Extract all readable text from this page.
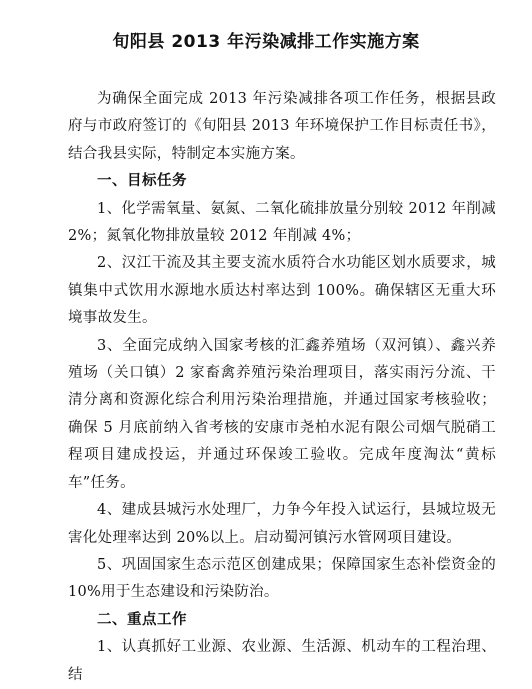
旬阳县 2013 年污染减排工作实施方案

为确保全面完成 2013 年污染减排各项工作任务，根据县政府与市政府签订的《旬阳县 2013 年环境保护工作目标责任书》，结合我县实际，特制定本实施方案。

一、目标任务

1、化学需氧量、氨氮、二氧化硫排放量分别较 2012 年削减 2%；氮氧化物排放量较 2012 年削减 4%；

2、汉江干流及其主要支流水质符合水功能区划水质要求，城镇集中式饮用水源地水质达村率达到 100%。确保辖区无重大环境事故发生。

3、全面完成纳入国家考核的汇鑫养殖场（双河镇）、鑫兴养殖场（关口镇）2 家畜禽养殖污染治理项目，落实雨污分流、干清分离和资源化综合利用污染治理措施，并通过国家考核验收；确保 5 月底前纳入省考核的安康市尧柏水泥有限公司烟气脱硝工程项目建成投运，并通过环保竣工验收。完成年度淘汰“黄标车”任务。

4、建成县城污水处理厂，力争今年投入试运行，县城垃圾无害化处理率达到 20%以上。启动蜀河镇污水管网项目建设。

5、巩固国家生态示范区创建成果；保障国家生态补偿资金的 10%用于生态建设和污染防治。

二、重点工作

1、认真抓好工业源、农业源、生活源、机动车的工程治理、结
